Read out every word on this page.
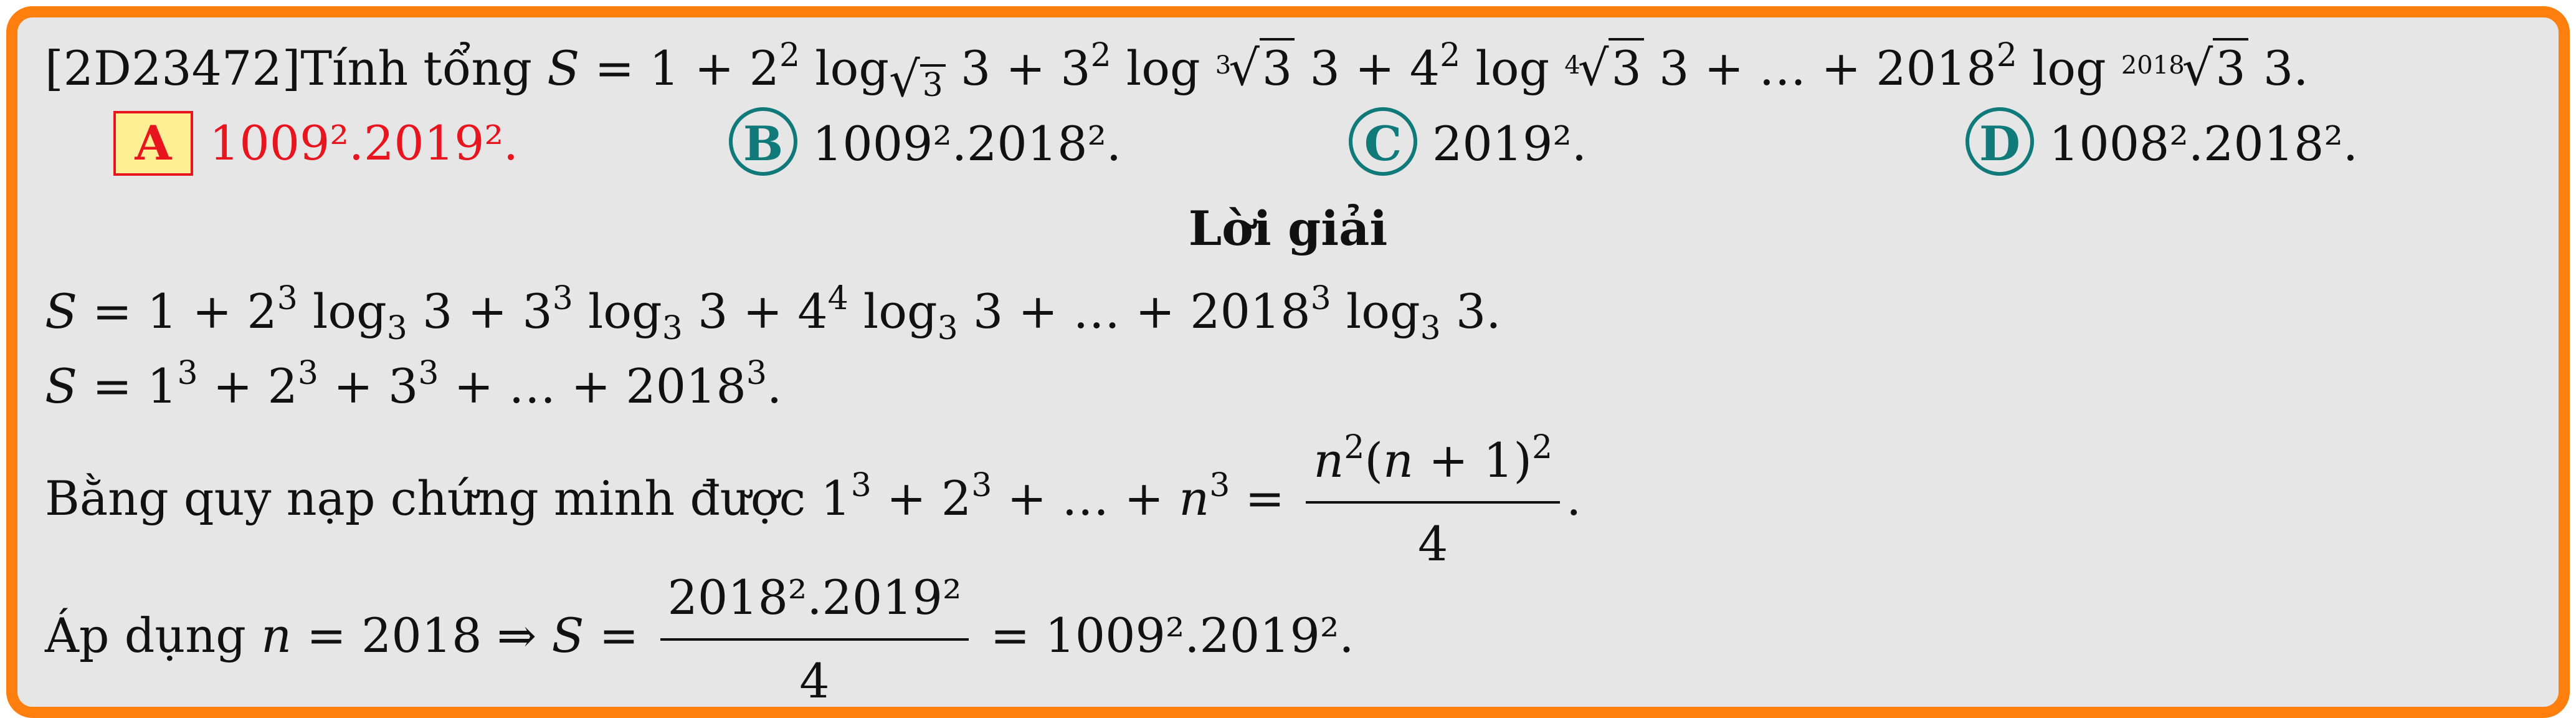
[2D23472]Tính tổng $S = 1 + 2^2$ $\log_{√3} 3 + 3^2$ log $^3$√3 $3 + 4^2$ log $^4$√3 3 + … + $2018^2$ log $^{2018}$√3 3.
A 1009².2019².	B 1009².2018².	C 2019².	D 1008².2018².
Lời giải
$S = 1 + 2^3$ $\log_3 3 + 3^3$ $\log_3 3 + 4^4$ $\log_3 3$ + … + $2018^3$ $\log_3 3$.
$S = 1^3 + 2^3 + 3^3$ + … + $2018^3$.
Bằng quy nạp chứng minh được $1^3 + 2^3$ + … + $n^3 = \frac{n^2(n + 1)^2}{4}$ .
Áp dụng n = 2018 ⇒ $S = \frac{\text{2018².2019²}}{4} = 1009^2.2019^2$.
